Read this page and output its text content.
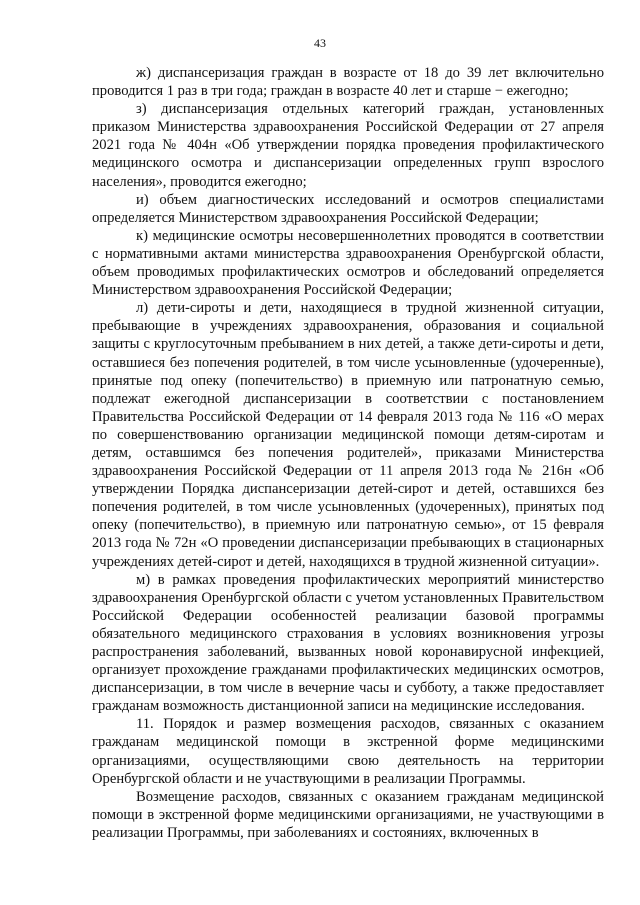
43

ж) диспансеризация граждан в возрасте от 18 до 39 лет включительно проводится 1 раз в три года; граждан в возрасте 40 лет и старше − ежегодно;

з) диспансеризация отдельных категорий граждан, установленных приказом Министерства здравоохранения Российской Федерации от 27 апреля 2021 года № 404н «Об утверждении порядка проведения профилактического медицинского осмотра и диспансеризации определенных групп взрослого населения», проводится ежегодно;

и) объем диагностических исследований и осмотров специалистами определяется Министерством здравоохранения Российской Федерации;

к) медицинские осмотры несовершеннолетних проводятся в соответствии с нормативными актами министерства здравоохранения Оренбургской области, объем проводимых профилактических осмотров и обследований определяется Министерством здравоохранения Российской Федерации;

л) дети-сироты и дети, находящиеся в трудной жизненной ситуации, пребывающие в учреждениях здравоохранения, образования и социальной защиты с круглосуточным пребыванием в них детей, а также дети-сироты и дети, оставшиеся без попечения родителей, в том числе усыновленные (удочеренные), принятые под опеку (попечительство) в приемную или патронатную семью, подлежат ежегодной диспансеризации в соответствии с постановлением Правительства Российской Федерации от 14 февраля 2013 года № 116 «О мерах по совершенствованию организации медицинской помощи детям-сиротам и детям, оставшимся без попечения родителей», приказами Министерства здравоохранения Российской Федерации от 11 апреля 2013 года № 216н «Об утверждении Порядка диспансеризации детей-сирот и детей, оставшихся без попечения родителей, в том числе усыновленных (удочеренных), принятых под опеку (попечительство), в приемную или патронатную семью», от 15 февраля 2013 года № 72н «О проведении диспансеризации пребывающих в стационарных учреждениях детей-сирот и детей, находящихся в трудной жизненной ситуации».

м) в рамках проведения профилактических мероприятий министерство здравоохранения Оренбургской области с учетом установленных Правительством Российской Федерации особенностей реализации базовой программы обязательного медицинского страхования в условиях возникновения угрозы распространения заболеваний, вызванных новой коронавирусной инфекцией, организует прохождение гражданами профилактических медицинских осмотров, диспансеризации, в том числе в вечерние часы и субботу, а также предоставляет гражданам возможность дистанционной записи на медицинские исследования.

11. Порядок и размер возмещения расходов, связанных с оказанием гражданам медицинской помощи в экстренной форме медицинскими организациями, осуществляющими свою деятельность на территории Оренбургской области и не участвующими в реализации Программы.

Возмещение расходов, связанных с оказанием гражданам медицинской помощи в экстренной форме медицинскими организациями, не участвующими в реализации Программы, при заболеваниях и состояниях, включенных в
